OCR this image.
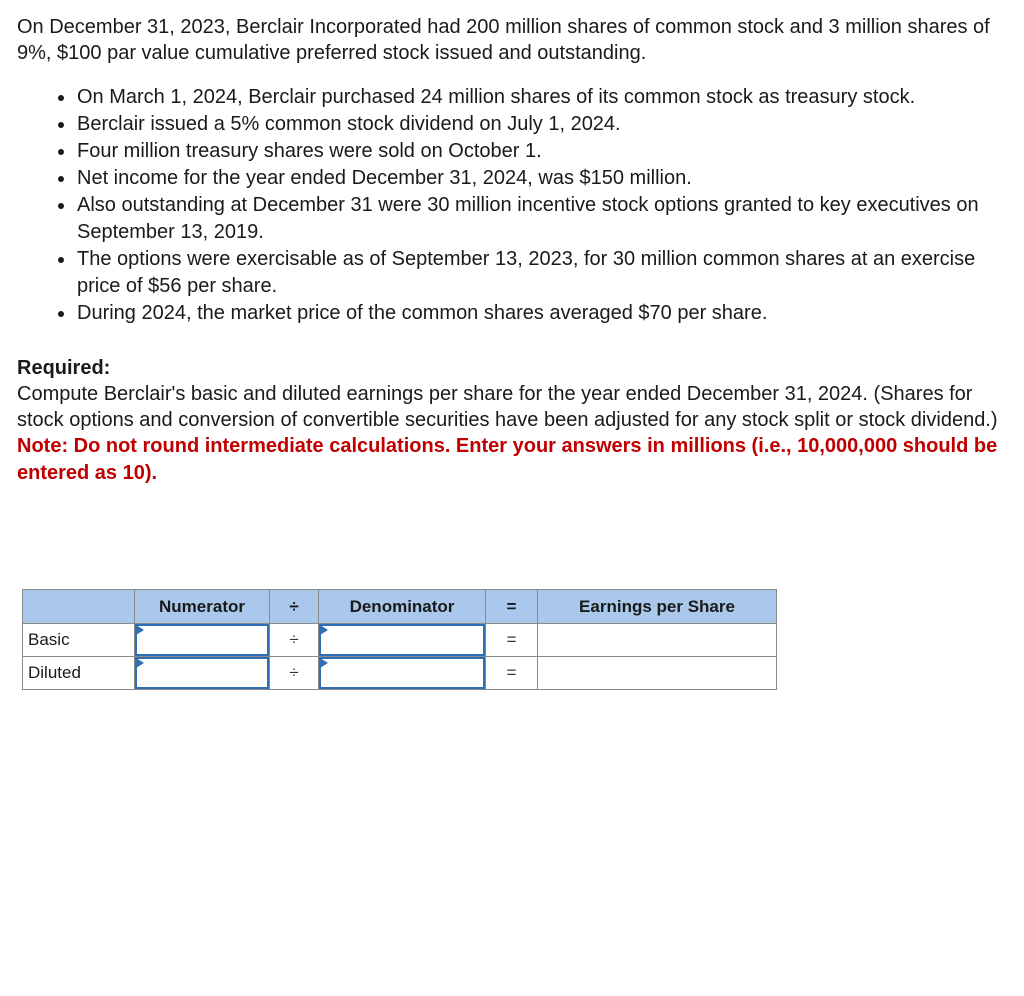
On December 31, 2023, Berclair Incorporated had 200 million shares of common stock and 3 million shares of 9%, $100 par value cumulative preferred stock issued and outstanding.

• On March 1, 2024, Berclair purchased 24 million shares of its common stock as treasury stock.
• Berclair issued a 5% common stock dividend on July 1, 2024.
• Four million treasury shares were sold on October 1.
• Net income for the year ended December 31, 2024, was $150 million.
• Also outstanding at December 31 were 30 million incentive stock options granted to key executives on September 13, 2019.
• The options were exercisable as of September 13, 2023, for 30 million common shares at an exercise price of $56 per share.
• During 2024, the market price of the common shares averaged $70 per share.

Required:

Compute Berclair's basic and diluted earnings per share for the year ended December 31, 2024. (Shares for stock options and conversion of convertible securities have been adjusted for any stock split or stock dividend.)

Note: Do not round intermediate calculations. Enter your answers in millions (i.e., 10,000,000 should be entered as 10).

	Numerator	÷	Denominator	=	Earnings per Share
Basic		÷		=	
Diluted		÷		=	
